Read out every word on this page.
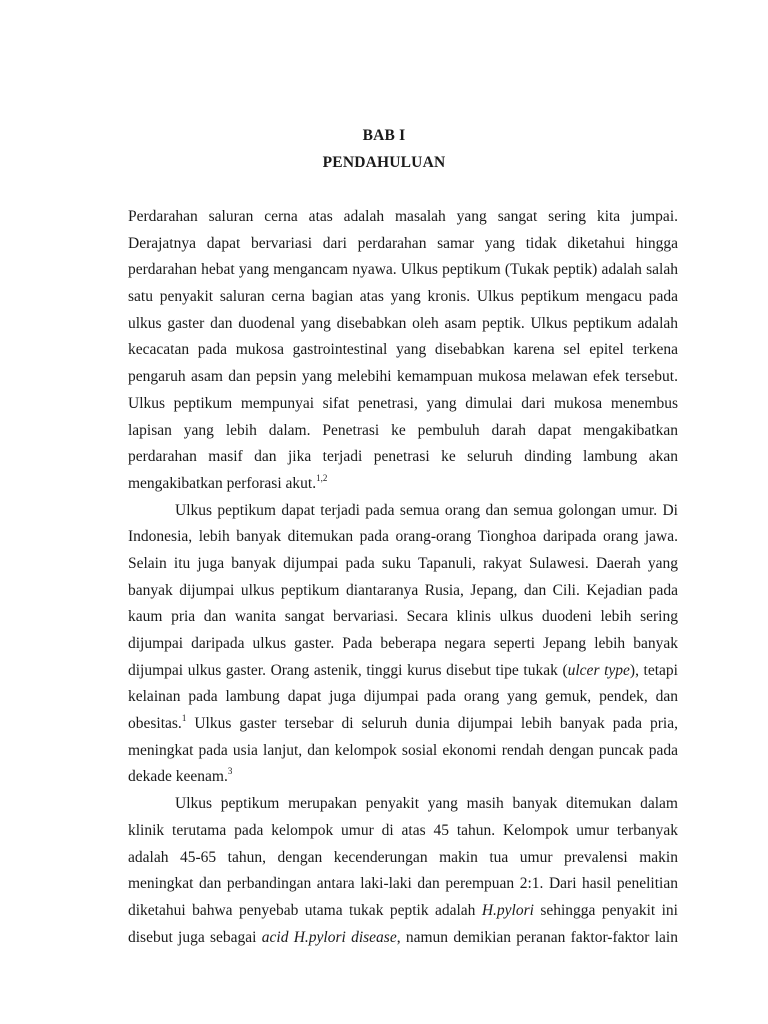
BAB I
PENDAHULUAN
Perdarahan saluran cerna atas adalah masalah yang sangat sering kita jumpai.
Derajatnya dapat bervariasi dari perdarahan samar yang tidak diketahui hingga
perdarahan hebat yang mengancam nyawa. Ulkus peptikum (Tukak peptik) adalah salah
satu penyakit saluran cerna bagian atas yang kronis. Ulkus peptikum mengacu pada
ulkus gaster dan duodenal yang disebabkan oleh asam peptik. Ulkus peptikum adalah
kecacatan pada mukosa gastrointestinal yang disebabkan karena sel epitel terkena
pengaruh asam dan pepsin yang melebihi kemampuan mukosa melawan efek tersebut.
Ulkus peptikum mempunyai sifat penetrasi, yang dimulai dari mukosa menembus
lapisan yang lebih dalam. Penetrasi ke pembuluh darah dapat mengakibatkan
perdarahan masif dan jika terjadi penetrasi ke seluruh dinding lambung akan
mengakibatkan perforasi akut.$^{1,2}$
Ulkus peptikum dapat terjadi pada semua orang dan semua golongan umur. Di
Indonesia, lebih banyak ditemukan pada orang-orang Tionghoa daripada orang jawa.
Selain itu juga banyak dijumpai pada suku Tapanuli, rakyat Sulawesi. Daerah yang
banyak dijumpai ulkus peptikum diantaranya Rusia, Jepang, dan Cili. Kejadian pada
kaum pria dan wanita sangat bervariasi. Secara klinis ulkus duodeni lebih sering
dijumpai daripada ulkus gaster. Pada beberapa negara seperti Jepang lebih banyak
dijumpai ulkus gaster. Orang astenik, tinggi kurus disebut tipe tukak (ulcer type), tetapi
kelainan pada lambung dapat juga dijumpai pada orang yang gemuk, pendek, dan
obesitas.$^1$ Ulkus gaster tersebar di seluruh dunia dijumpai lebih banyak pada pria,
meningkat pada usia lanjut, dan kelompok sosial ekonomi rendah dengan puncak pada
dekade keenam.$^3$
Ulkus peptikum merupakan penyakit yang masih banyak ditemukan dalam
klinik terutama pada kelompok umur di atas 45 tahun. Kelompok umur terbanyak
adalah 45-65 tahun, dengan kecenderungan makin tua umur prevalensi makin
meningkat dan perbandingan antara laki-laki dan perempuan 2:1. Dari hasil penelitian
diketahui bahwa penyebab utama tukak peptik adalah H.pylori sehingga penyakit ini
disebut juga sebagai acid H.pylori disease, namun demikian peranan faktor-faktor lain
